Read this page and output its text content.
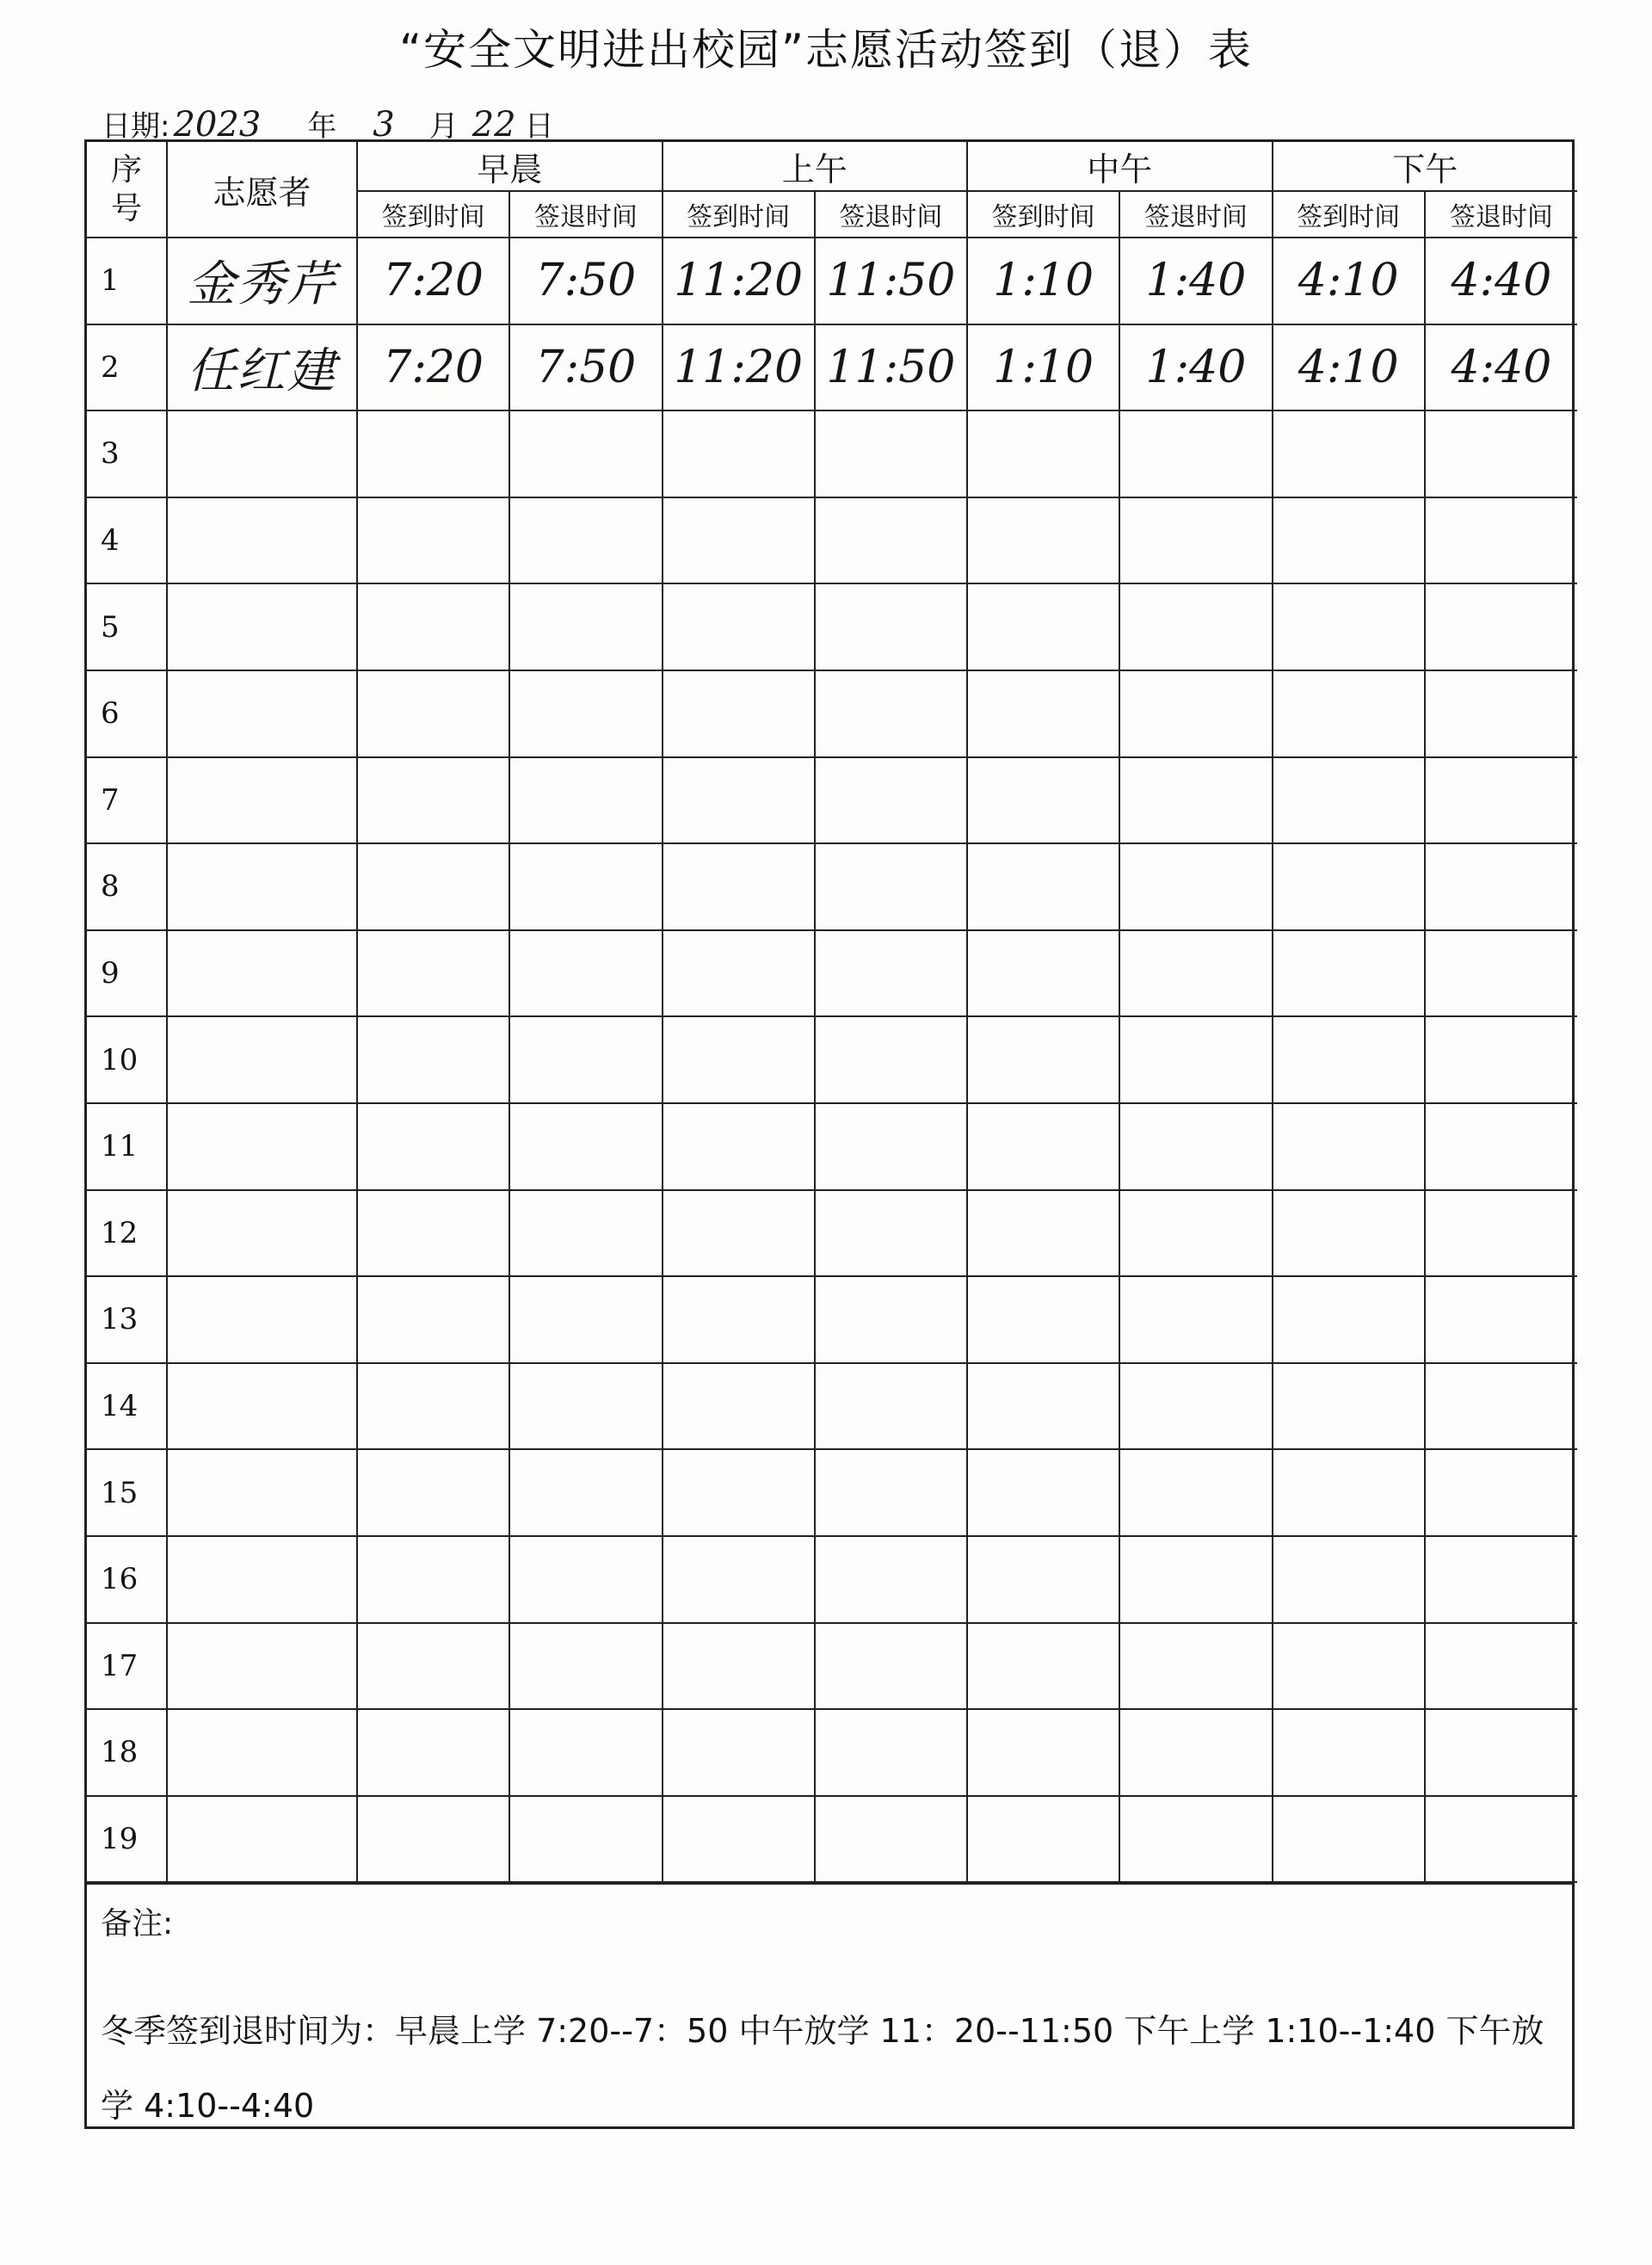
“安全文明进出校园”志愿活动签到（退）表
日期: 2023 年 3 月 22 日
序号	志愿者	早晨		上午		中午		下午	
		签到时间	签退时间	签到时间	签退时间	签到时间	签退时间	签到时间	签退时间
1	金秀芹	7:20	7:50	11:20	11:50	1:10	1:40	4:10	4:40
2	任红建	7:20	7:50	11:20	11:50	1:10	1:40	4:10	4:40
3									
4									
5									
6									
7									
8									
9									
10									
11									
12									
13									
14									
15									
16									
17									
18									
19									
备注:
冬季签到退时间为：早晨上学 7:20--7：50 中午放学 11：20--11:50 下午上学 1:10--1:40 下午放
学 4:10--4:40
